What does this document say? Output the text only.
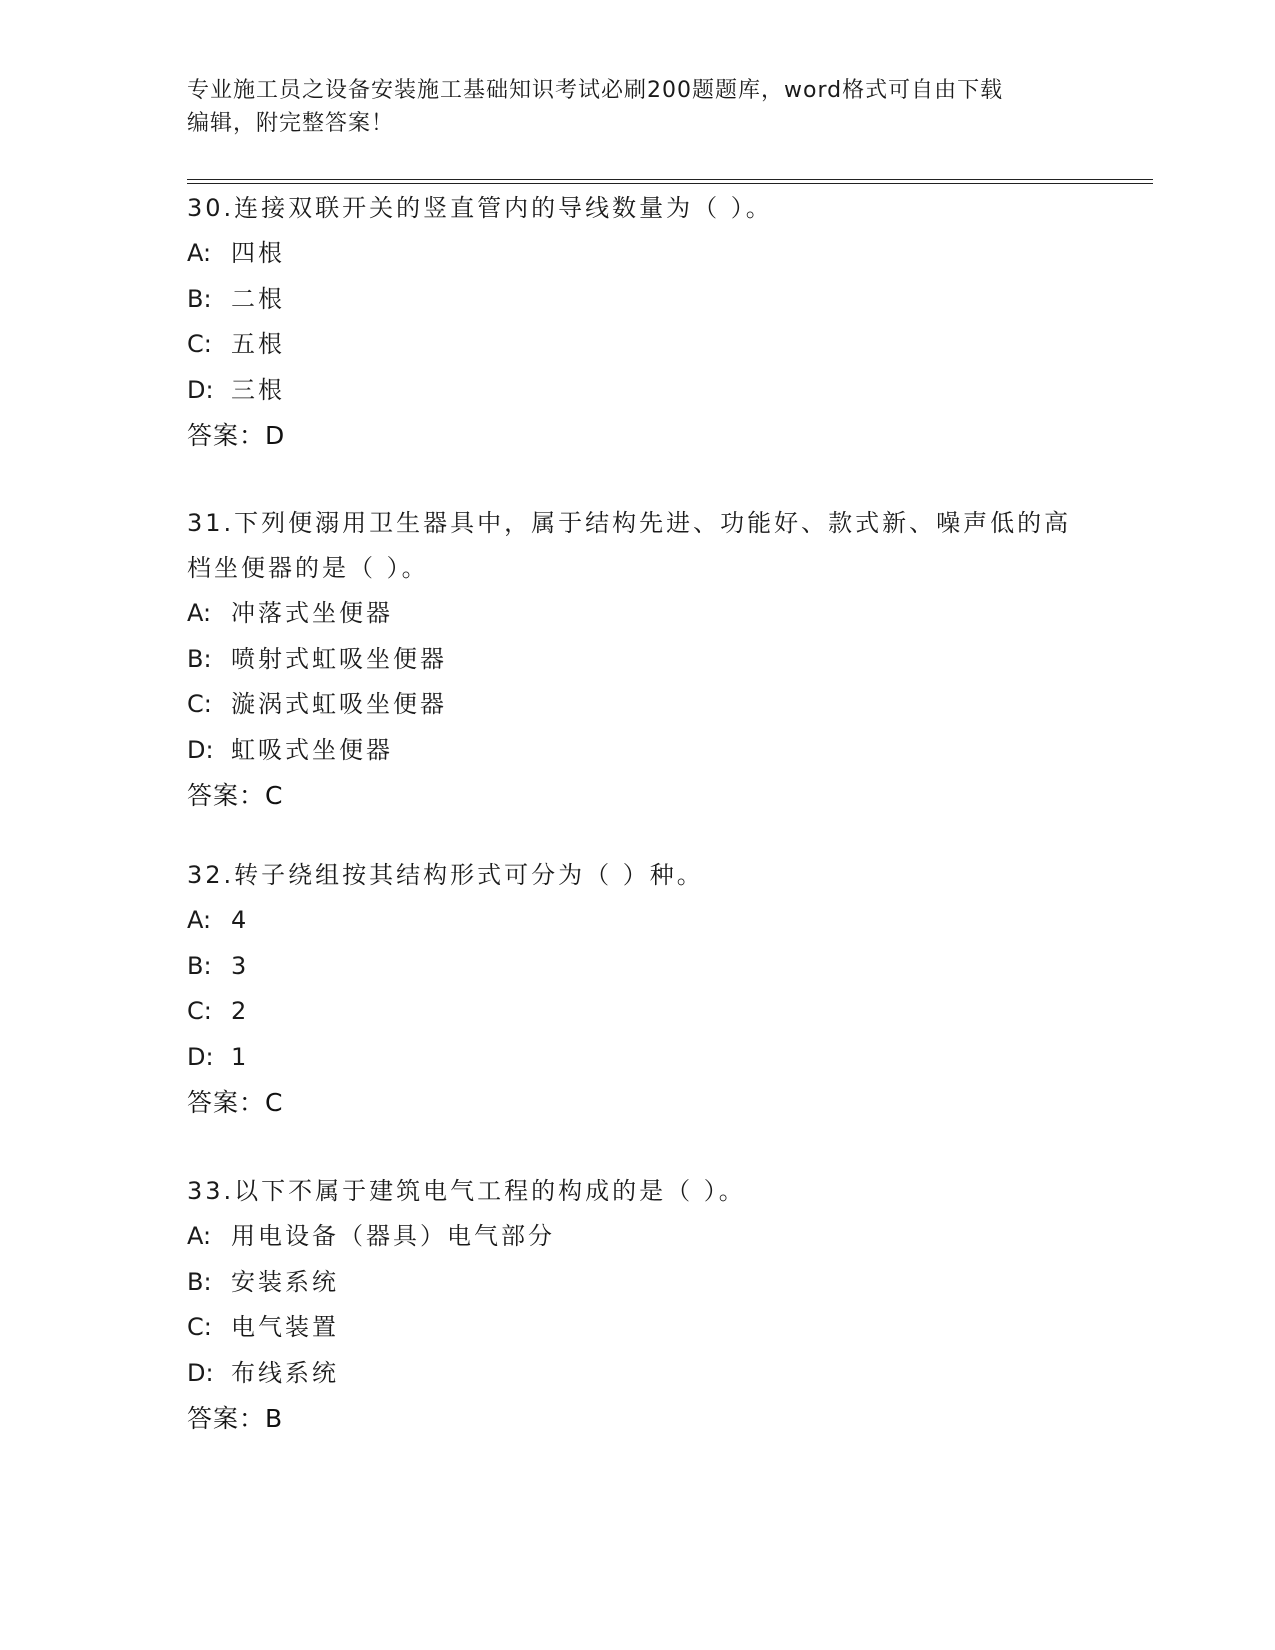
专业施工员之设备安装施工基础知识考试必刷200题题库，word格式可自由下载
编辑，附完整答案！
30.连接双联开关的竖直管内的导线数量为（ ）。
A: 四根
B: 二根
C: 五根
D: 三根
答案：D
31.下列便溺用卫生器具中，属于结构先进、功能好、款式新、噪声低的高档坐便器的是（ ）。
A: 冲落式坐便器
B: 喷射式虹吸坐便器
C: 漩涡式虹吸坐便器
D: 虹吸式坐便器
答案：C
32.转子绕组按其结构形式可分为（ ）种。
A: 4
B: 3
C: 2
D: 1
答案：C
33.以下不属于建筑电气工程的构成的是（ ）。
A: 用电设备（器具）电气部分
B: 安装系统
C: 电气装置
D: 布线系统
答案：B
